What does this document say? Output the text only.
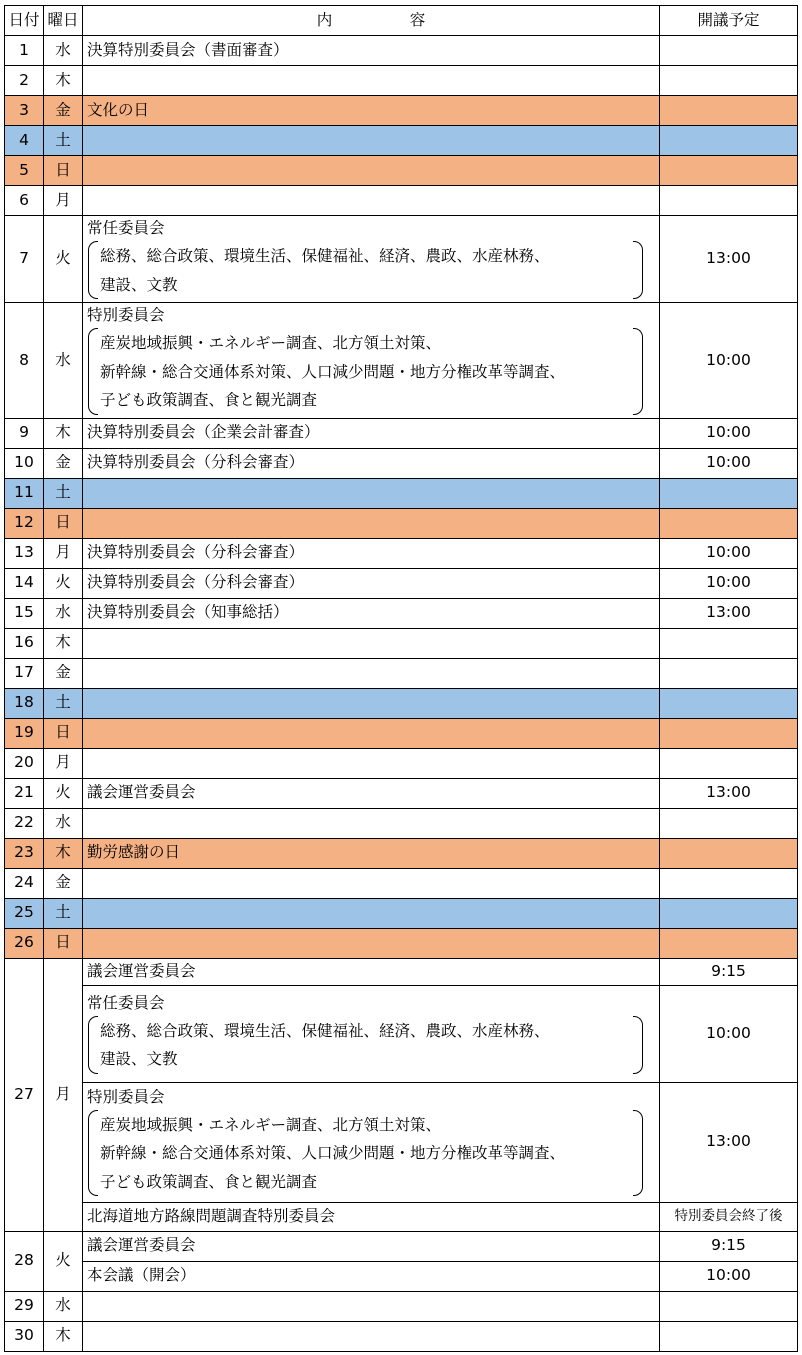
日付	曜日	内　　　　　容	開議予定
1	水	決算特別委員会（書面審査）	
2	木		
3	金	文化の日	
4	土		
5	日		
6	月		
7	火	常任委員会
総務、総合政策、環境生活、保健福祉、経済、農政、水産林務、
建設、文教	13:00
8	水	特別委員会
産炭地域振興・エネルギー調査、北方領土対策、
新幹線・総合交通体系対策、人口減少問題・地方分権改革等調査、
子ども政策調査、食と観光調査	10:00
9	木	決算特別委員会（企業会計審査）	10:00
10	金	決算特別委員会（分科会審査）	10:00
11	土		
12	日		
13	月	決算特別委員会（分科会審査）	10:00
14	火	決算特別委員会（分科会審査）	10:00
15	水	決算特別委員会（知事総括）	13:00
16	木		
17	金		
18	土		
19	日		
20	月		
21	火	議会運営委員会	13:00
22	水		
23	木	勤労感謝の日	
24	金		
25	土		
26	日		
27	月	議会運営委員会	9:15

		常任委員会
総務、総合政策、環境生活、保健福祉、経済、農政、水産林務、
建設、文教	10:00

		特別委員会
産炭地域振興・エネルギー調査、北方領土対策、
新幹線・総合交通体系対策、人口減少問題・地方分権改革等調査、
子ども政策調査、食と観光調査	13:00
		北海道地方路線問題調査特別委員会	特別委員会終了後
28	火	議会運営委員会	9:15
		本会議（開会）	10:00
29	水		
30	木		
